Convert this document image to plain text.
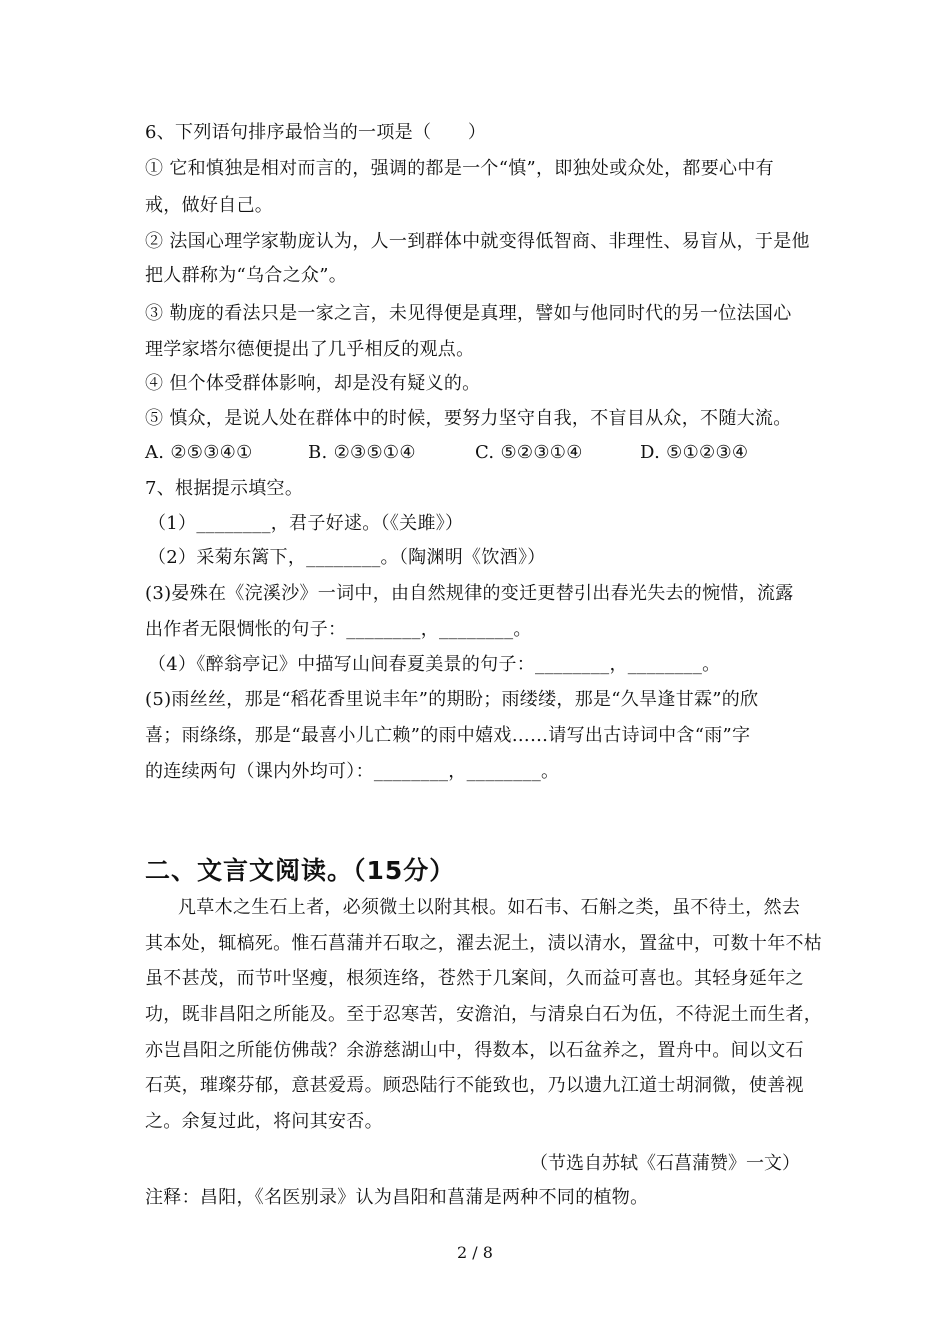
6、下列语句排序最恰当的一项是（　　）
① 它和慎独是相对而言的，强调的都是一个“慎”，即独处或众处，都要心中有
戒，做好自己。
② 法国心理学家勒庞认为，人一到群体中就变得低智商、非理性、易盲从，于是他
把人群称为“乌合之众”。
③ 勒庞的看法只是一家之言，未见得便是真理，譬如与他同时代的另一位法国心
理学家塔尔德便提出了几乎相反的观点。
④ 但个体受群体影响，却是没有疑义的。
⑤ 慎众，是说人处在群体中的时候，要努力坚守自我，不盲目从众，不随大流。
A. ②⑤③④①	B. ②③⑤①④	C. ⑤②③①④	D. ⑤①②③④
7、根据提示填空。
（1）________，君子好逑。（《关雎》）
（2）采菊东篱下，________。（陶渊明《饮酒》）
(3)晏殊在《浣溪沙》一词中，由自然规律的变迁更替引出春光失去的惋惜，流露
出作者无限惆怅的句子：________，________。
（4）《醉翁亭记》中描写山间春夏美景的句子：________，________。
(5)雨丝丝，那是“稻花香里说丰年”的期盼；雨缕缕，那是“久旱逢甘霖”的欣
喜；雨绦绦，那是“最喜小儿亡赖”的雨中嬉戏……请写出古诗词中含“雨”字
的连续两句（课内外均可）：________，________。
二、文言文阅读。（15分）
凡草木之生石上者，必须微土以附其根。如石韦、石斛之类，虽不待土，然去
其本处，辄槁死。惟石菖蒲并石取之，濯去泥土，渍以清水，置盆中，可数十年不枯
虽不甚茂，而节叶坚瘦，根须连络，苍然于几案间，久而益可喜也。其轻身延年之
功，既非昌阳之所能及。至于忍寒苦，安澹泊，与清泉白石为伍，不待泥土而生者，
亦岂昌阳之所能仿佛哉？余游慈湖山中，得数本，以石盆养之，置舟中。间以文石
石英，璀璨芬郁，意甚爱焉。顾恐陆行不能致也，乃以遗九江道士胡洞微，使善视
之。余复过此，将问其安否。
（节选自苏轼《石菖蒲赞》一文）
注释：昌阳，《名医别录》认为昌阳和菖蒲是两种不同的植物。
2 / 8
